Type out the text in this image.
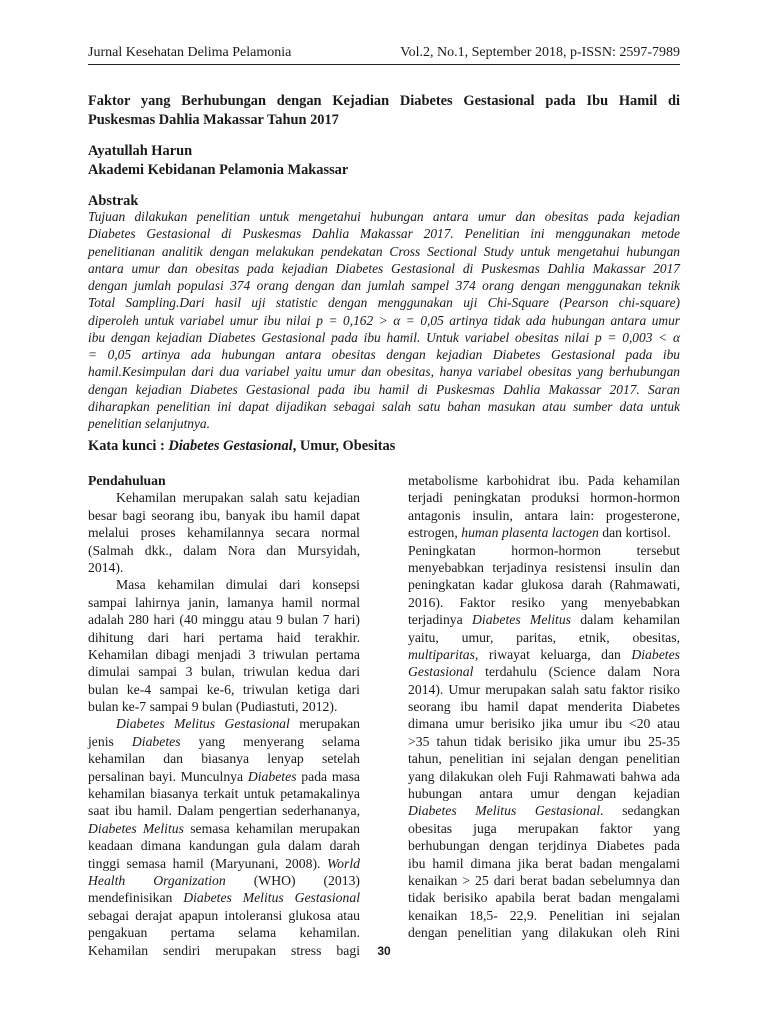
Jurnal Kesehatan Delima Pelamonia	Vol.2, No.1, September 2018, p-ISSN: 2597-7989
Faktor yang Berhubungan dengan Kejadian Diabetes Gestasional pada Ibu Hamil di
Puskesmas Dahlia Makassar Tahun 2017
Ayatullah Harun
Akademi Kebidanan Pelamonia Makassar
Abstrak
Tujuan dilakukan penelitian untuk mengetahui hubungan antara umur dan obesitas pada kejadian
Diabetes Gestasional di Puskesmas Dahlia Makassar 2017. Penelitian ini menggunakan metode
penelitianan analitik dengan melakukan pendekatan Cross Sectional Study untuk mengetahui hubungan
antara umur dan obesitas pada kejadian Diabetes Gestasional di Puskesmas Dahlia Makassar 2017
dengan jumlah populasi 374 orang dengan dan jumlah sampel 374 orang dengan menggunakan teknik
Total Sampling.Dari hasil uji statistic dengan menggunakan uji Chi-Square (Pearson chi-square)
diperoleh untuk variabel umur ibu nilai p = 0,162 > α = 0,05 artinya tidak ada hubungan antara umur
ibu dengan kejadian Diabetes Gestasional pada ibu hamil. Untuk variabel obesitas nilai p = 0,003 < α
= 0,05 artinya ada hubungan antara obesitas dengan kejadian Diabetes Gestasional pada ibu
hamil.Kesimpulan dari dua variabel yaitu umur dan obesitas, hanya variabel obesitas yang berhubungan
dengan kejadian Diabetes Gestasional pada ibu hamil di Puskesmas Dahlia Makassar 2017. Saran
diharapkan penelitian ini dapat dijadikan sebagai salah satu bahan masukan atau sumber data untuk
penelitian selanjutnya.
Kata kunci : Diabetes Gestasional, Umur, Obesitas
Pendahuluan
Kehamilan merupakan salah satu kejadian
besar bagi seorang ibu, banyak ibu hamil dapat
melalui proses kehamilannya secara normal
(Salmah dkk., dalam Nora dan Mursyidah,
2014).
Masa kehamilan dimulai dari konsepsi
sampai lahirnya janin, lamanya hamil normal
adalah 280 hari (40 minggu atau 9 bulan 7 hari)
dihitung dari hari pertama haid terakhir.
Kehamilan dibagi menjadi 3 triwulan pertama
dimulai sampai 3 bulan, triwulan kedua dari
bulan ke-4 sampai ke-6, triwulan ketiga dari
bulan ke-7 sampai 9 bulan (Pudiastuti, 2012).
Diabetes Melitus Gestasional merupakan
jenis Diabetes yang menyerang selama
kehamilan dan biasanya lenyap setelah
persalinan bayi. Munculnya Diabetes pada masa
kehamilan biasanya terkait untuk petamakalinya
saat ibu hamil. Dalam pengertian sederhananya,
Diabetes Melitus semasa kehamilan merupakan
keadaan dimana kandungan gula dalam darah
tinggi semasa hamil (Maryunani, 2008). World
Health Organization (WHO) (2013)
mendefinisikan Diabetes Melitus Gestasional
sebagai derajat apapun intoleransi glukosa atau
pengakuan pertama selama kehamilan.
Kehamilan sendiri merupakan stress bagi
metabolisme karbohidrat ibu. Pada kehamilan
terjadi peningkatan produksi hormon-hormon
antagonis insulin, antara lain: progesterone,
estrogen, human plasenta lactogen dan kortisol.
Peningkatan hormon-hormon tersebut
menyebabkan terjadinya resistensi insulin dan
peningkatan kadar glukosa darah (Rahmawati,
2016). Faktor resiko yang menyebabkan
terjadinya Diabetes Melitus dalam kehamilan
yaitu, umur, paritas, etnik, obesitas,
multiparitas, riwayat keluarga, dan Diabetes
Gestasional terdahulu (Science dalam Nora
2014). Umur merupakan salah satu faktor risiko
seorang ibu hamil dapat menderita Diabetes
dimana umur berisiko jika umur ibu <20 atau
>35 tahun tidak berisiko jika umur ibu 25-35
tahun, penelitian ini sejalan dengan penelitian
yang dilakukan oleh Fuji Rahmawati bahwa ada
hubungan antara umur dengan kejadian
Diabetes Melitus Gestasional. sedangkan
obesitas juga merupakan faktor yang
berhubungan dengan terjdinya Diabetes pada
ibu hamil dimana jika berat badan mengalami
kenaikan > 25 dari berat badan sebelumnya dan
tidak berisiko apabila berat badan mengalami
kenaikan 18,5- 22,9. Penelitian ini sejalan
dengan penelitian yang dilakukan oleh Rini
30
